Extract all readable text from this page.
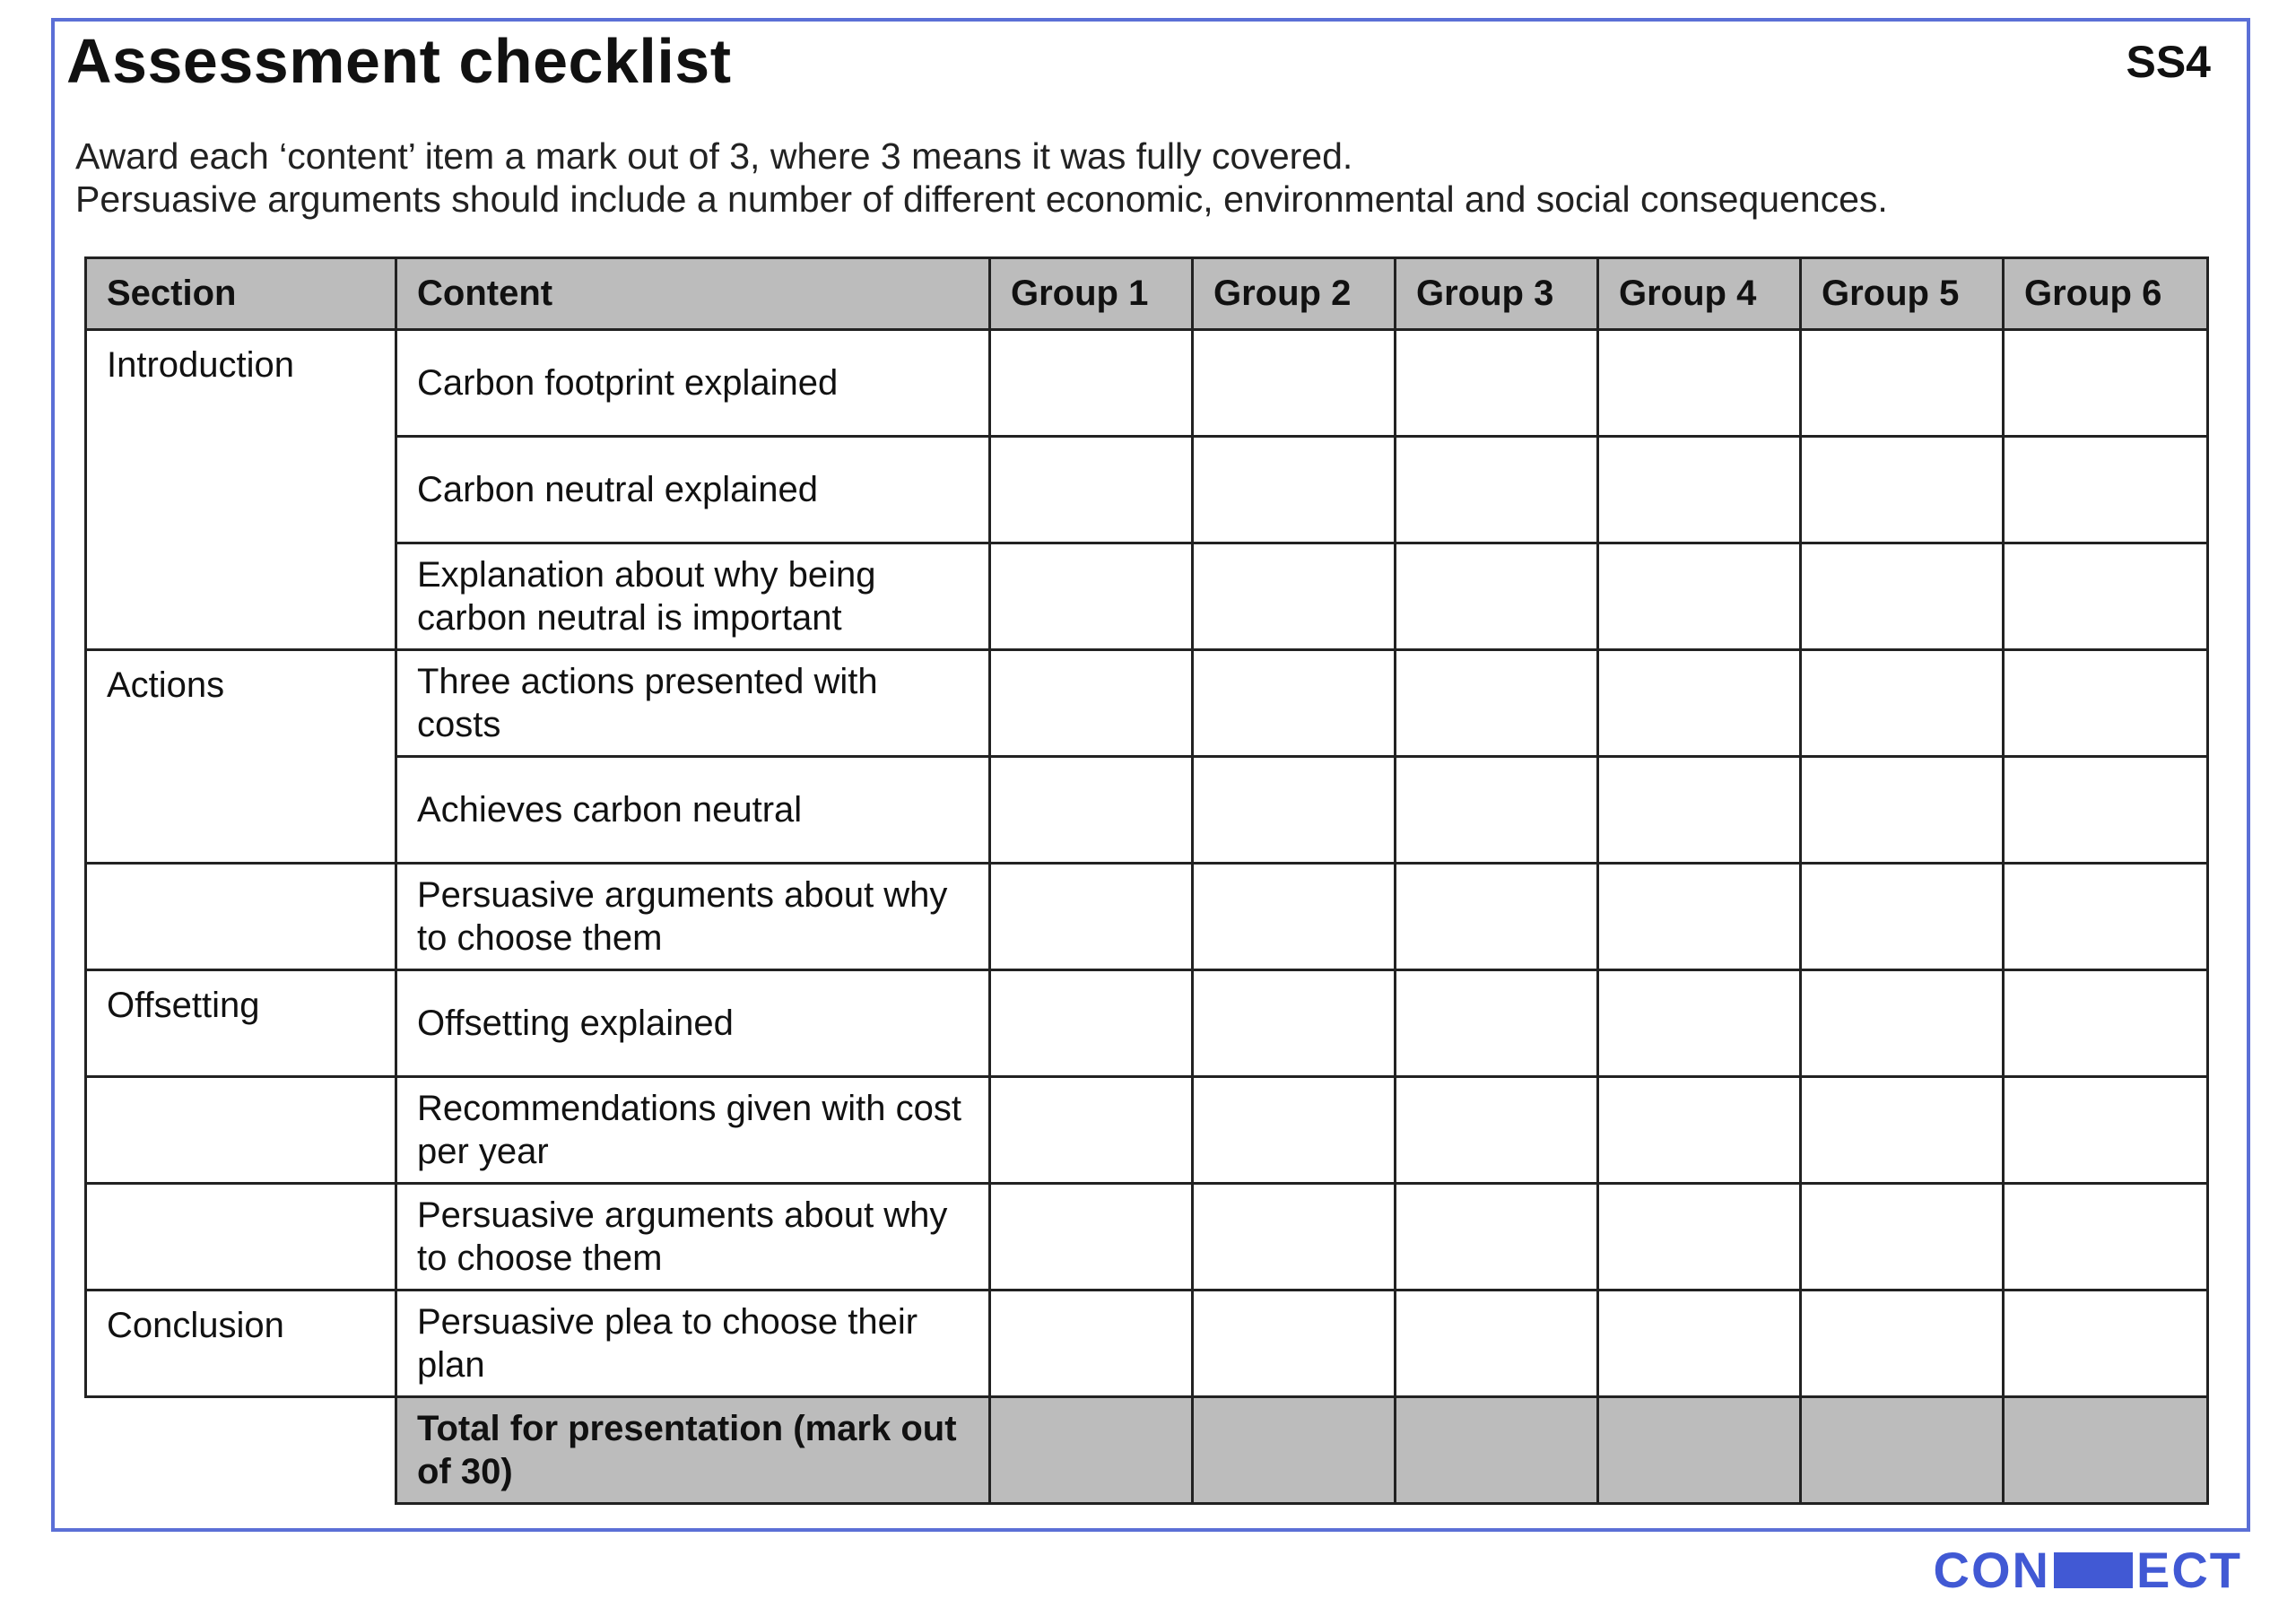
Assessment checklist	SS4
Award each ‘content’ item a mark out of 3, where 3 means it was fully covered.
Persuasive arguments should include a number of different economic, environmental and social consequences.
Section	Content	Group 1	Group 2	Group 3	Group 4	Group 5	Group 6
Introduction	Carbon footprint explained						
	Carbon neutral explained						
	Explanation about why being carbon neutral is important						
Actions	Three actions presented with costs						
	Achieves carbon neutral						
	Persuasive arguments about why to choose them						
Offsetting	Offsetting explained						
	Recommendations given with cost per year						
	Persuasive arguments about why to choose them						
Conclusion	Persuasive plea to choose their plan						
	Total for presentation (mark out of 30)						
CON ECT
